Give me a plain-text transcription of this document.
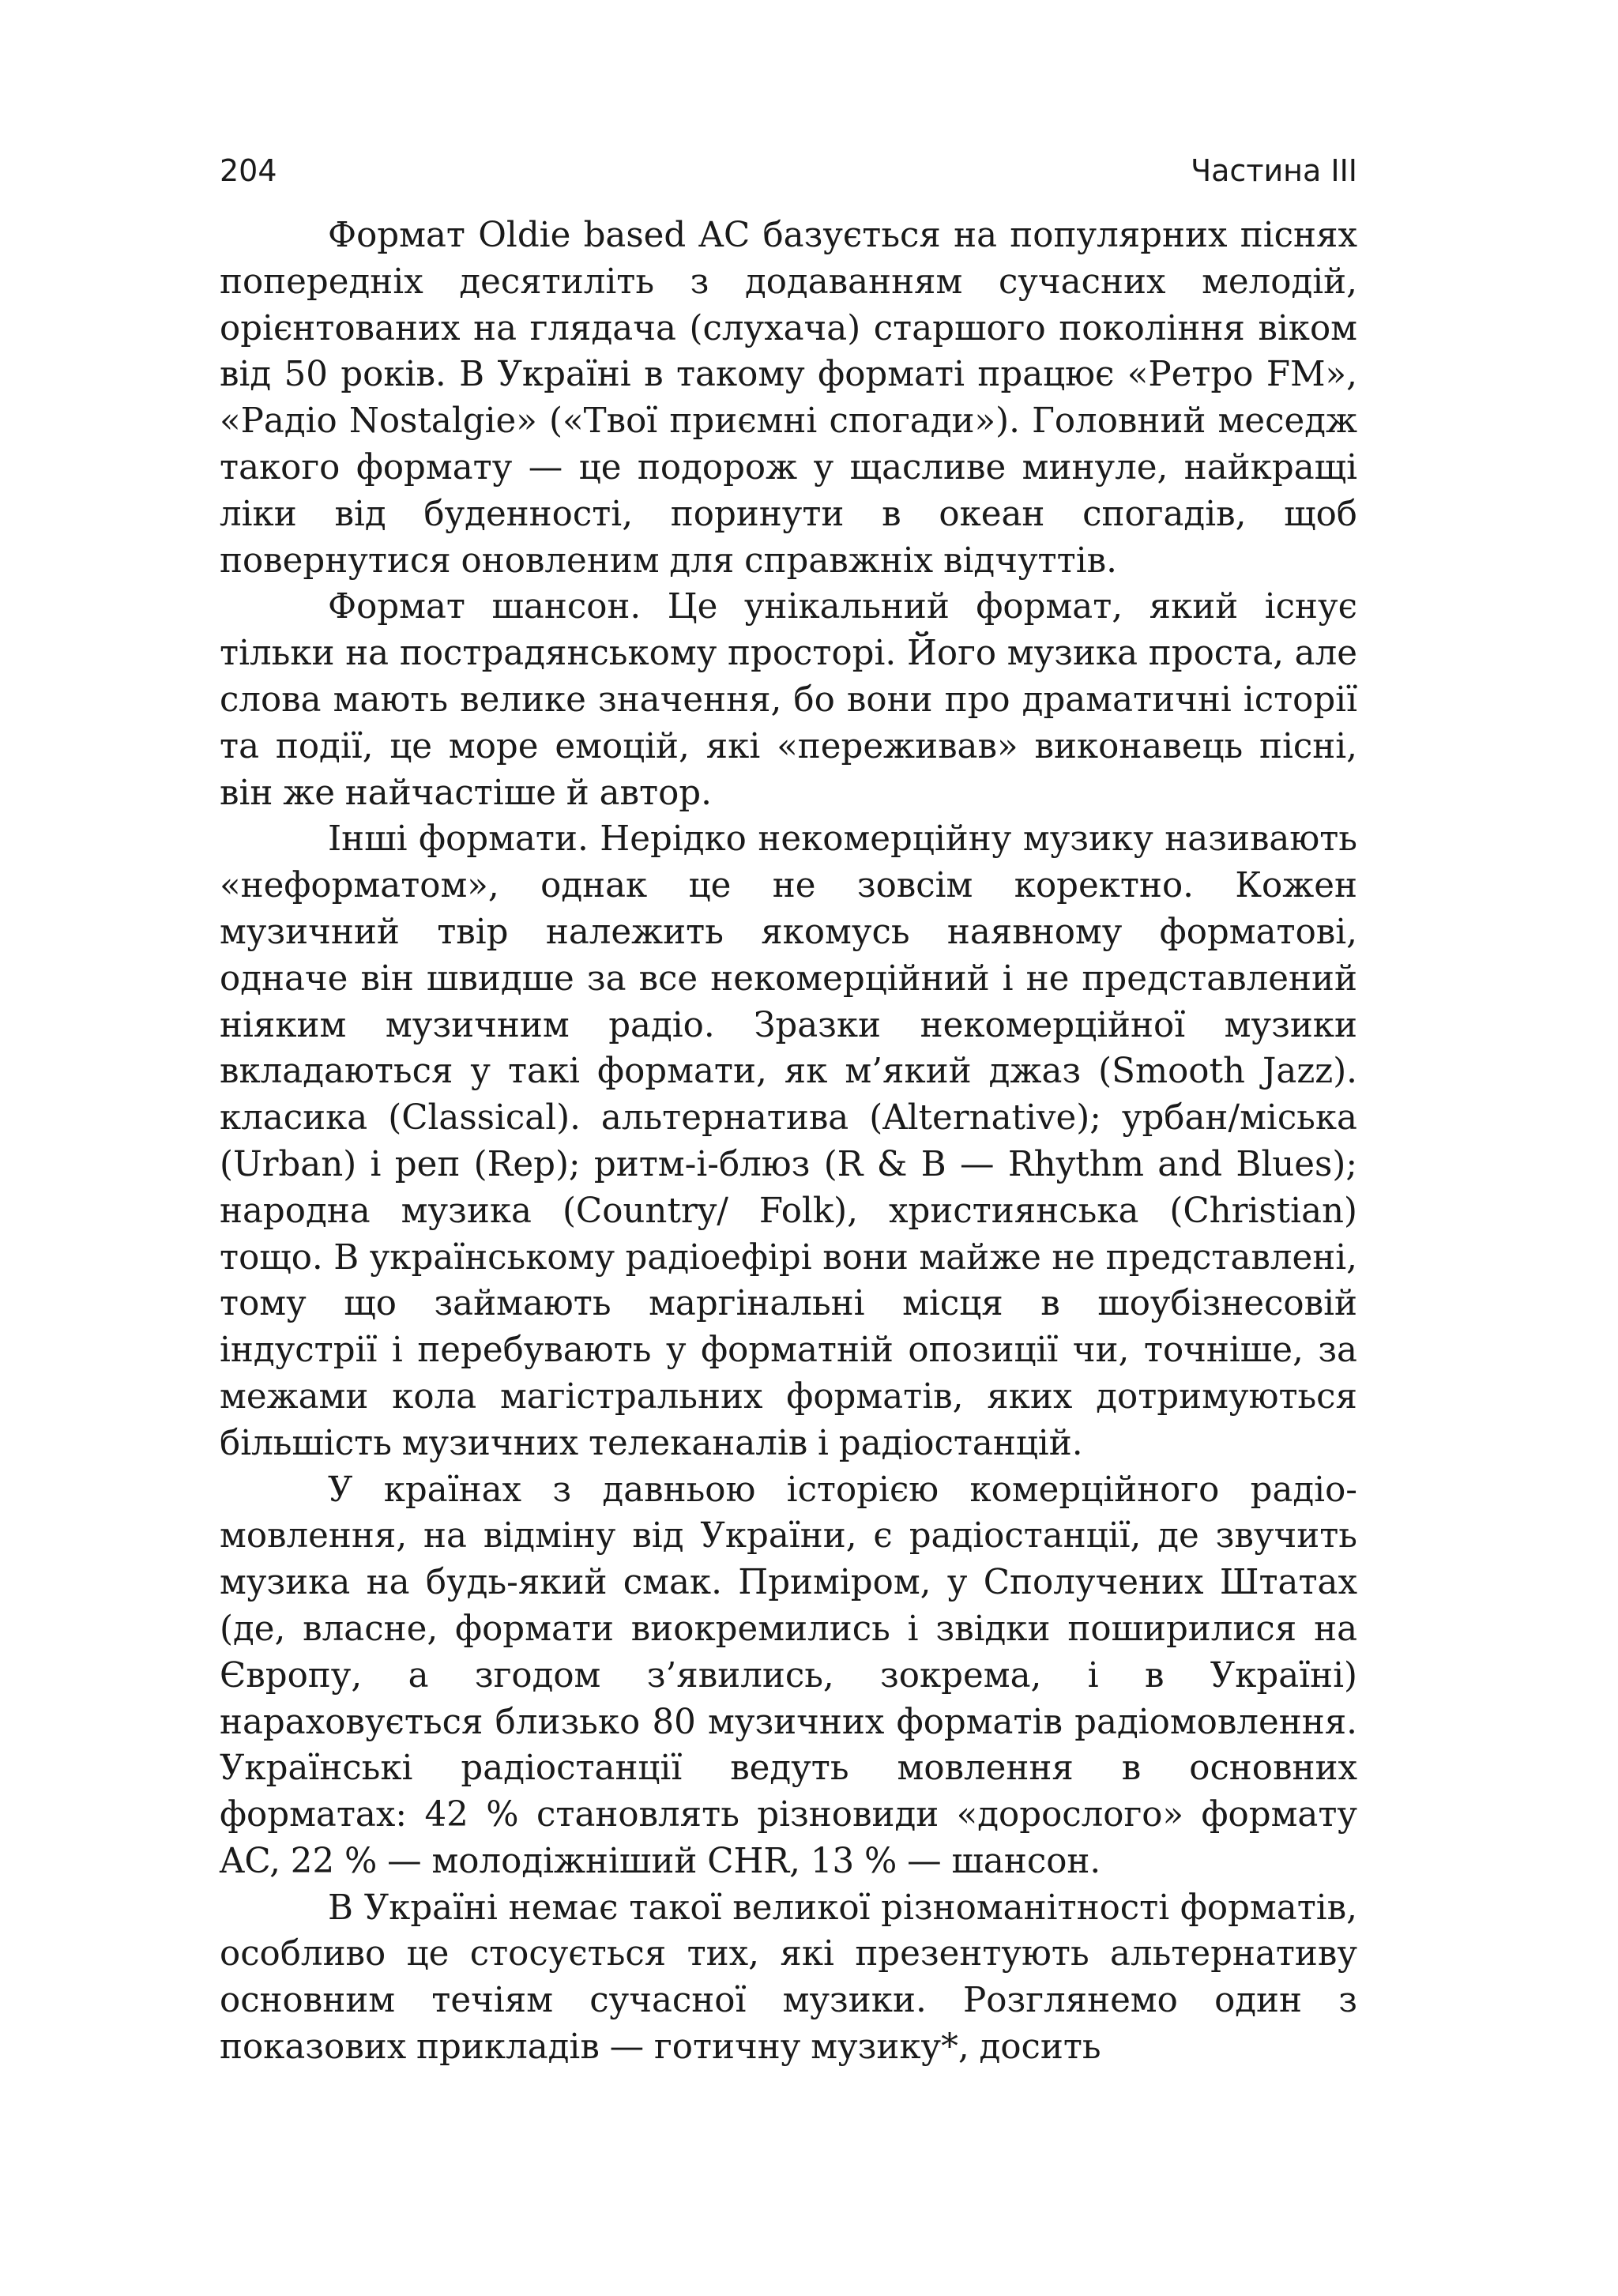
204	Частина ІІІ

Формат Oldie based AC базується на популярних піснях попередніх десятиліть з додаванням сучасних мелодій, орієнтованих на глядача (слухача) старшого покоління віком від 50 років. В Україні в такому форматі працює «Ретро FM», «Радіо Nostalgie» («Твої приємні спогади»). Головний меседж такого формату — це подорож у щасливе минуле, найкращі ліки від буденності, поринути в океан спогадів, щоб повернутися оновленим для справжніх відчуттів.

Формат шансон. Це унікальний формат, який існує тільки на пострадянському просторі. Його музика проста, але слова мають велике значення, бо вони про драматичні історії та події, це море емоцій, які «переживав» виконавець пісні, він же найчастіше й автор.

Інші формати. Нерідко некомерційну музику називають «неформатом», однак це не зовсім коректно. Кожен музичний твір належить якомусь наявному форматові, одначе він швидше за все некомерційний і не представлений ніяким музичним радіо. Зразки некомерційної музики вкладаються у такі формати, як м’який джаз (Smooth Jazz). класика (Classical). альтернатива (Alternative); урбан/міська (Urban) і реп (Rep); ритм-і-блюз (R & B — Rhythm and Blues); народна музика (Country/ Folk), християнська (Christian) тощо. В українському радіоефірі вони майже не представлені, тому що займають маргінальні місця в шоубізнесовій індустрії і перебувають у форматній опозиції чи, точніше, за межами кола магістральних форматів, яких дотримуються більшість музичних телеканалів і радіостанцій.

У країнах з давньою історією комерційного радіомовлення, на відміну від України, є радіостанції, де звучить музика на будь-який смак. Приміром, у Сполучених Штатах (де, власне, формати виокремились і звідки поширилися на Європу, а згодом з’явились, зокрема, і в Україні) нараховується близько 80 музичних форматів радіомовлення. Українські радіостанції ведуть мовлення в основних форматах: 42 % становлять різновиди «дорослого» формату AC, 22 % — молодіжніший CHR, 13 % — шансон.

В Україні немає такої великої різноманітності форматів, особливо це стосується тих, які презентують альтернативу основним течіям сучасної музики. Розглянемо один з показових прикладів — готичну музику*, досить
